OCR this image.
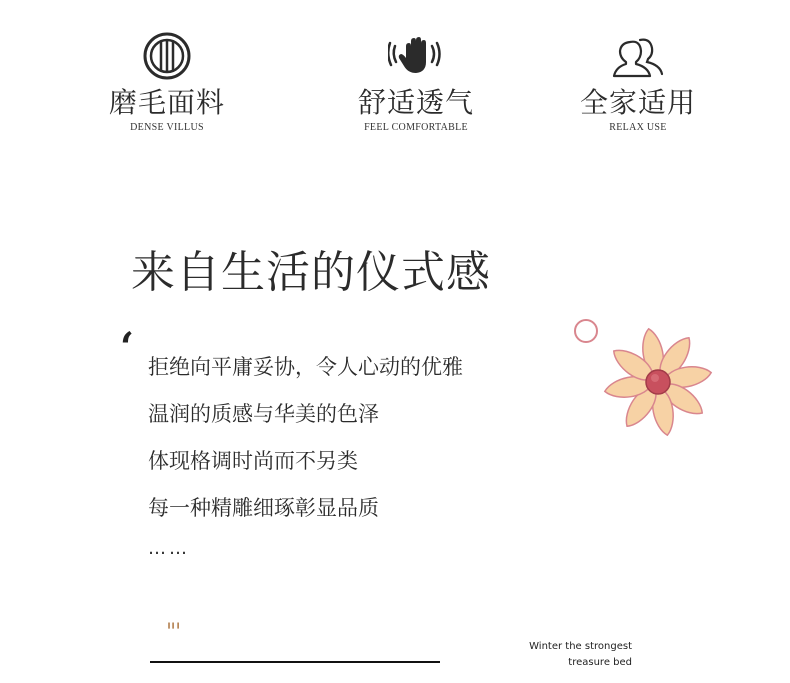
磨毛面料
DENSE VILLUS
舒适透气
FEEL COMFORTABLE
全家适用
RELAX USE
来自生活的仪式感
‘ 拒绝向平庸妥协，令人心动的优雅
温润的质感与华美的色泽
体现格调时尚而不另类
每一种精雕细琢彰显品质
……
"'
Winter the strongest
treasure bed
